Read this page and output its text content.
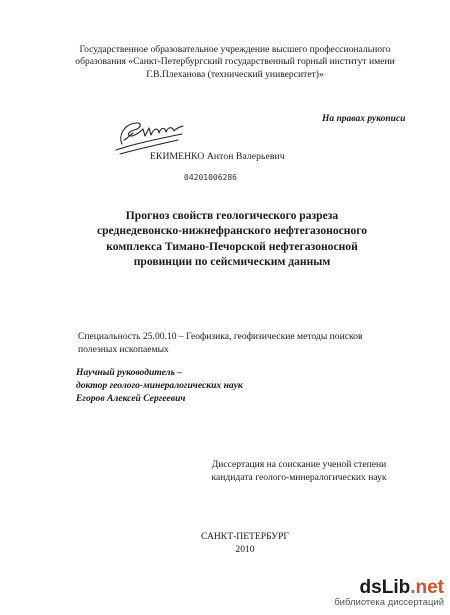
Государственное образовательное учреждение высшего профессионального
образования «Санкт-Петербургский государственный горный институт имени
Г.В.Плеханова (технический университет)»
На правах рукописи
ЕКИМЕНКО Антон Валерьевич
04201006286
Прогноз свойств геологического разреза
среднедевонско-нижнефранского нефтегазоносного
комплекса Тимано-Печорской нефтегазоносной
провинции по сейсмическим данным
Специальность 25.00.10 – Геофизика, геофизические методы поисков
полезных ископаемых
Научный руководитель –
доктор геолого-минералогических наук
Егоров Алексей Сергеевич
Диссертация на соискание ученой степени
кандидата геолого-минералогических наук
САНКТ-ПЕТЕРБУРГ
2010
dsLib.net
библиотека диссертаций
